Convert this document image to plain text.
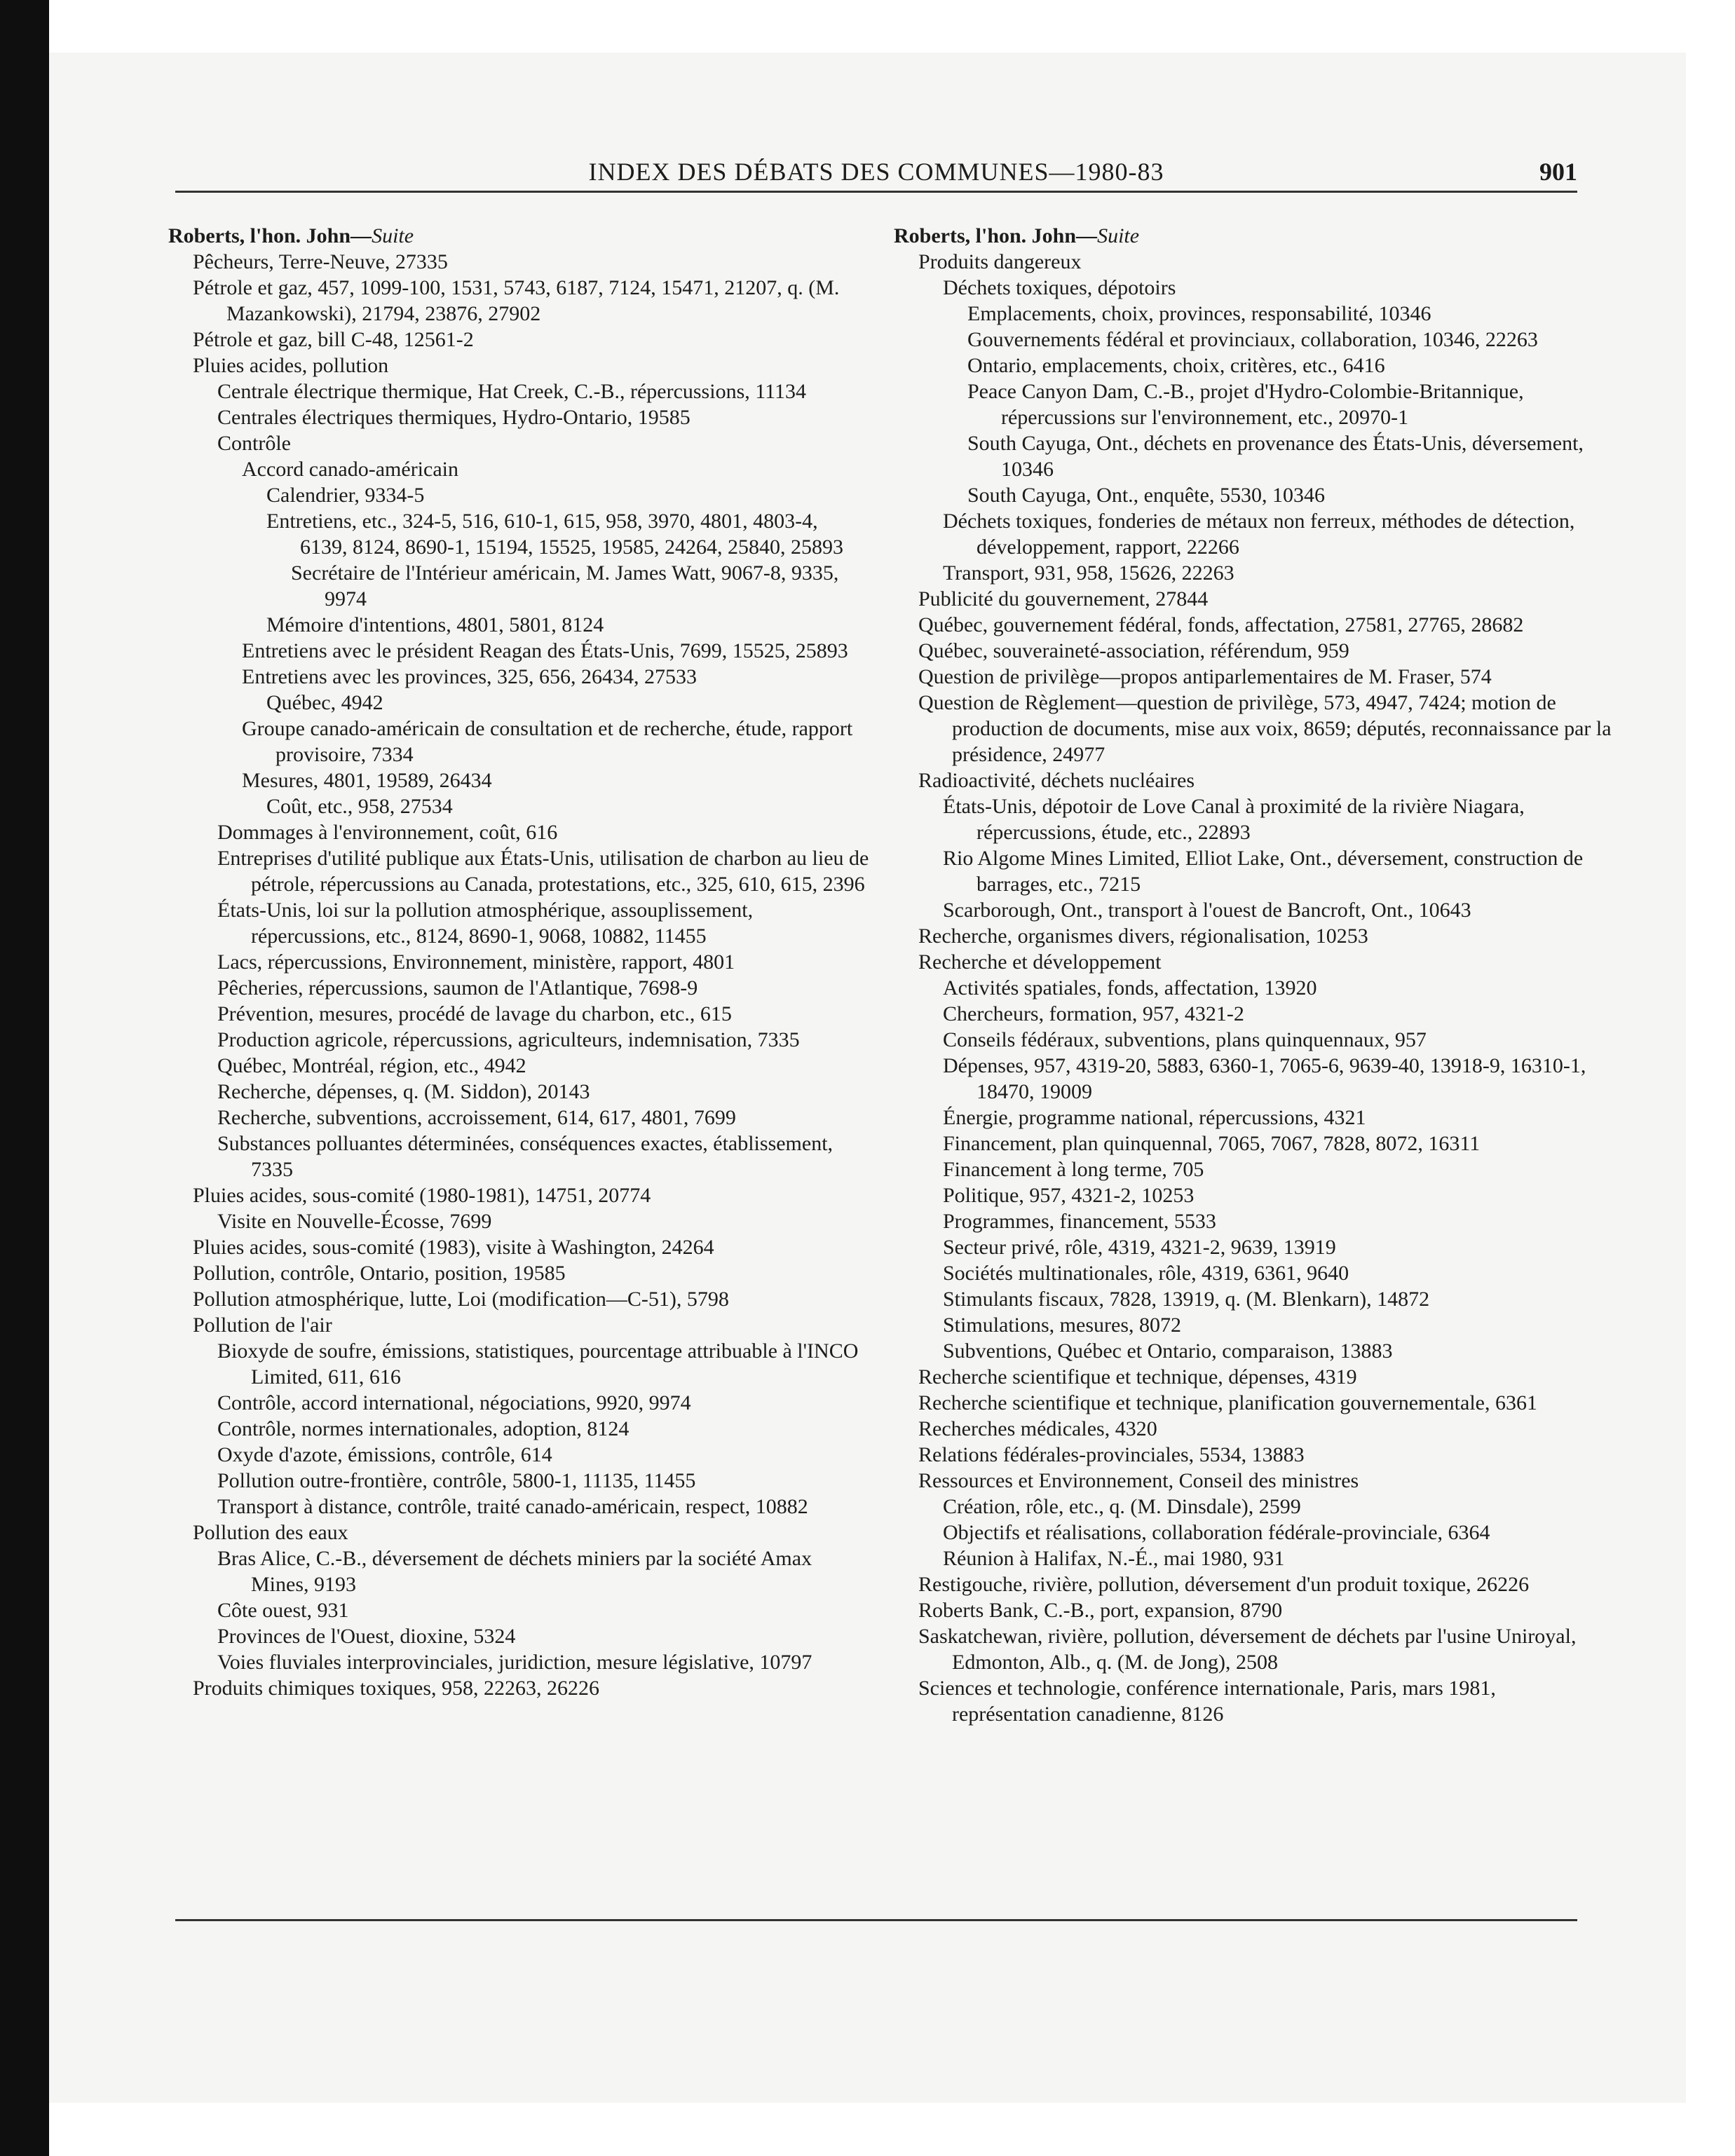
INDEX DES DÉBATS DES COMMUNES—1980-83	901

Roberts, l'hon. John—Suite

Pêcheurs, Terre-Neuve, 27335

Pétrole et gaz, 457, 1099-100, 1531, 5743, 6187, 7124, 15471, 21207, q. (M. Mazankowski), 21794, 23876, 27902

Pétrole et gaz, bill C-48, 12561-2

Pluies acides, pollution

Centrale électrique thermique, Hat Creek, C.-B., répercussions, 11134

Centrales électriques thermiques, Hydro-Ontario, 19585

Contrôle

Accord canado-américain

Calendrier, 9334-5

Entretiens, etc., 324-5, 516, 610-1, 615, 958, 3970, 4801, 4803-4, 6139, 8124, 8690-1, 15194, 15525, 19585, 24264, 25840, 25893

Secrétaire de l'Intérieur américain, M. James Watt, 9067-8, 9335, 9974

Mémoire d'intentions, 4801, 5801, 8124

Entretiens avec le président Reagan des États-Unis, 7699, 15525, 25893

Entretiens avec les provinces, 325, 656, 26434, 27533

Québec, 4942

Groupe canado-américain de consultation et de recherche, étude, rapport provisoire, 7334

Mesures, 4801, 19589, 26434

Coût, etc., 958, 27534

Dommages à l'environnement, coût, 616

Entreprises d'utilité publique aux États-Unis, utilisation de charbon au lieu de pétrole, répercussions au Canada, protestations, etc., 325, 610, 615, 2396

États-Unis, loi sur la pollution atmosphérique, assouplissement, répercussions, etc., 8124, 8690-1, 9068, 10882, 11455

Lacs, répercussions, Environnement, ministère, rapport, 4801

Pêcheries, répercussions, saumon de l'Atlantique, 7698-9

Prévention, mesures, procédé de lavage du charbon, etc., 615

Production agricole, répercussions, agriculteurs, indemnisation, 7335

Québec, Montréal, région, etc., 4942

Recherche, dépenses, q. (M. Siddon), 20143

Recherche, subventions, accroissement, 614, 617, 4801, 7699

Substances polluantes déterminées, conséquences exactes, établissement, 7335

Pluies acides, sous-comité (1980-1981), 14751, 20774

Visite en Nouvelle-Écosse, 7699

Pluies acides, sous-comité (1983), visite à Washington, 24264

Pollution, contrôle, Ontario, position, 19585

Pollution atmosphérique, lutte, Loi (modification—C-51), 5798

Pollution de l'air

Bioxyde de soufre, émissions, statistiques, pourcentage attribuable à l'INCO Limited, 611, 616

Contrôle, accord international, négociations, 9920, 9974

Contrôle, normes internationales, adoption, 8124

Oxyde d'azote, émissions, contrôle, 614

Pollution outre-frontière, contrôle, 5800-1, 11135, 11455

Transport à distance, contrôle, traité canado-américain, respect, 10882

Pollution des eaux

Bras Alice, C.-B., déversement de déchets miniers par la société Amax Mines, 9193

Côte ouest, 931

Provinces de l'Ouest, dioxine, 5324

Voies fluviales interprovinciales, juridiction, mesure législative, 10797

Produits chimiques toxiques, 958, 22263, 26226

Roberts, l'hon. John—Suite

Produits dangereux

Déchets toxiques, dépotoirs

Emplacements, choix, provinces, responsabilité, 10346

Gouvernements fédéral et provinciaux, collaboration, 10346, 22263

Ontario, emplacements, choix, critères, etc., 6416

Peace Canyon Dam, C.-B., projet d'Hydro-Colombie-Britannique, répercussions sur l'environnement, etc., 20970-1

South Cayuga, Ont., déchets en provenance des États-Unis, déversement, 10346

South Cayuga, Ont., enquête, 5530, 10346

Déchets toxiques, fonderies de métaux non ferreux, méthodes de détection, développement, rapport, 22266

Transport, 931, 958, 15626, 22263

Publicité du gouvernement, 27844

Québec, gouvernement fédéral, fonds, affectation, 27581, 27765, 28682

Québec, souveraineté-association, référendum, 959

Question de privilège—propos antiparlementaires de M. Fraser, 574

Question de Règlement—question de privilège, 573, 4947, 7424; motion de production de documents, mise aux voix, 8659; députés, reconnaissance par la présidence, 24977

Radioactivité, déchets nucléaires

États-Unis, dépotoir de Love Canal à proximité de la rivière Niagara, répercussions, étude, etc., 22893

Rio Algome Mines Limited, Elliot Lake, Ont., déversement, construction de barrages, etc., 7215

Scarborough, Ont., transport à l'ouest de Bancroft, Ont., 10643

Recherche, organismes divers, régionalisation, 10253

Recherche et développement

Activités spatiales, fonds, affectation, 13920

Chercheurs, formation, 957, 4321-2

Conseils fédéraux, subventions, plans quinquennaux, 957

Dépenses, 957, 4319-20, 5883, 6360-1, 7065-6, 9639-40, 13918-9, 16310-1, 18470, 19009

Énergie, programme national, répercussions, 4321

Financement, plan quinquennal, 7065, 7067, 7828, 8072, 16311

Financement à long terme, 705

Politique, 957, 4321-2, 10253

Programmes, financement, 5533

Secteur privé, rôle, 4319, 4321-2, 9639, 13919

Sociétés multinationales, rôle, 4319, 6361, 9640

Stimulants fiscaux, 7828, 13919, q. (M. Blenkarn), 14872

Stimulations, mesures, 8072

Subventions, Québec et Ontario, comparaison, 13883

Recherche scientifique et technique, dépenses, 4319

Recherche scientifique et technique, planification gouvernementale, 6361

Recherches médicales, 4320

Relations fédérales-provinciales, 5534, 13883

Ressources et Environnement, Conseil des ministres

Création, rôle, etc., q. (M. Dinsdale), 2599

Objectifs et réalisations, collaboration fédérale-provinciale, 6364

Réunion à Halifax, N.-É., mai 1980, 931

Restigouche, rivière, pollution, déversement d'un produit toxique, 26226

Roberts Bank, C.-B., port, expansion, 8790

Saskatchewan, rivière, pollution, déversement de déchets par l'usine Uniroyal, Edmonton, Alb., q. (M. de Jong), 2508

Sciences et technologie, conférence internationale, Paris, mars 1981, représentation canadienne, 8126
